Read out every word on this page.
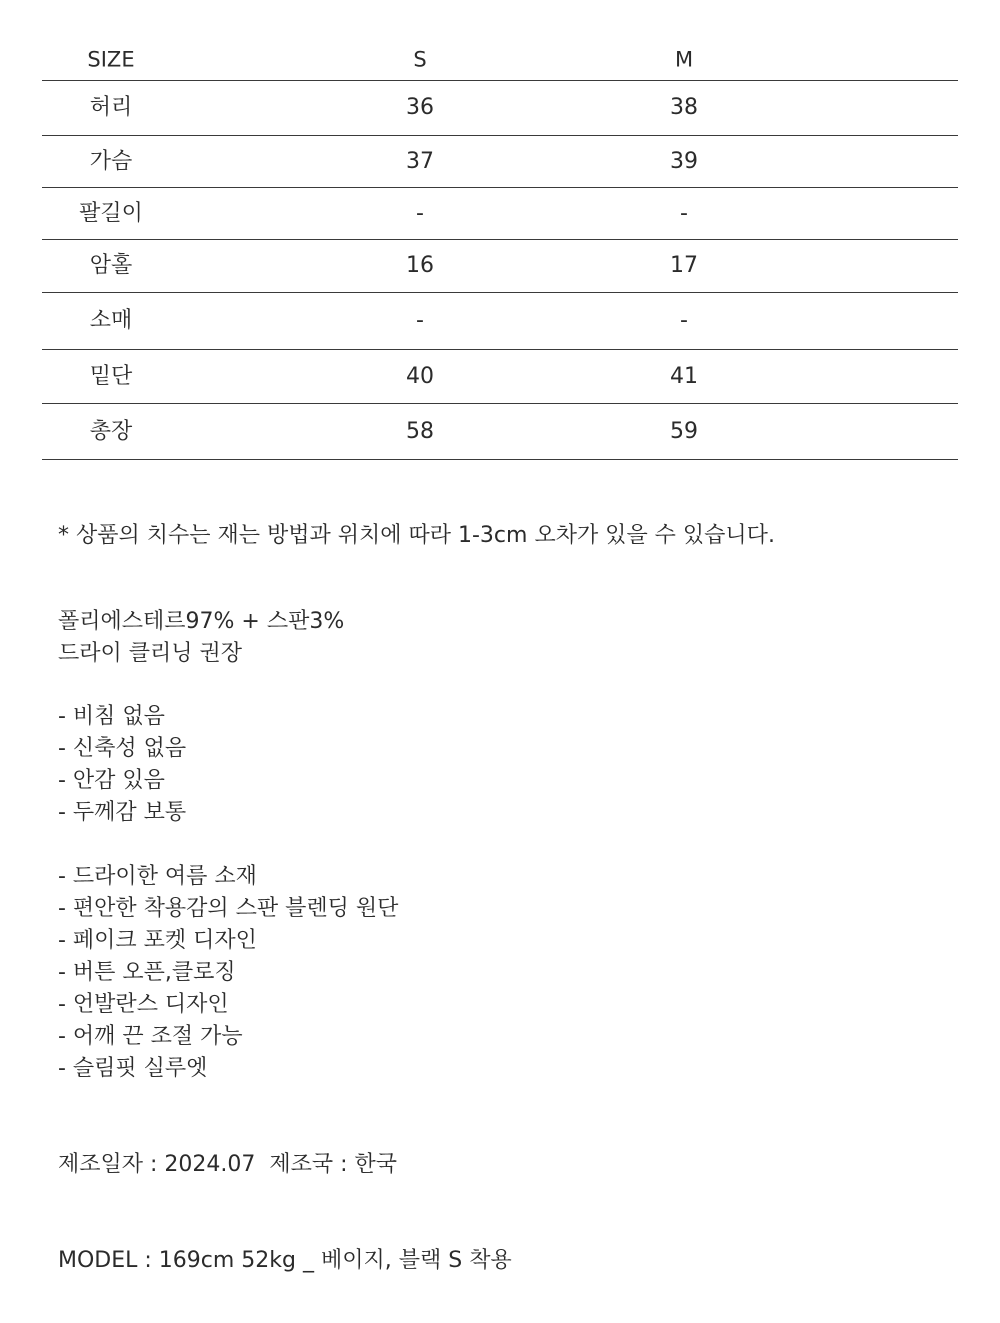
SIZE	S	M
허리	36	38
가슴	37	39
팔길이	-	-
암홀	16	17
소매	-	-
밑단	40	41
총장	58	59
* 상품의 치수는 재는 방법과 위치에 따라 1-3cm 오차가 있을 수 있습니다.
폴리에스테르97% + 스판3%
드라이 클리닝 권장
- 비침 없음
- 신축성 없음
- 안감 있음
- 두께감 보통
- 드라이한 여름 소재
- 편안한 착용감의 스판 블렌딩 원단
- 페이크 포켓 디자인
- 버튼 오픈,클로징
- 언발란스 디자인
- 어깨 끈 조절 가능
- 슬림핏 실루엣
제조일자 : 2024.07  제조국 : 한국
MODEL : 169cm 52kg _ 베이지, 블랙 S 착용
